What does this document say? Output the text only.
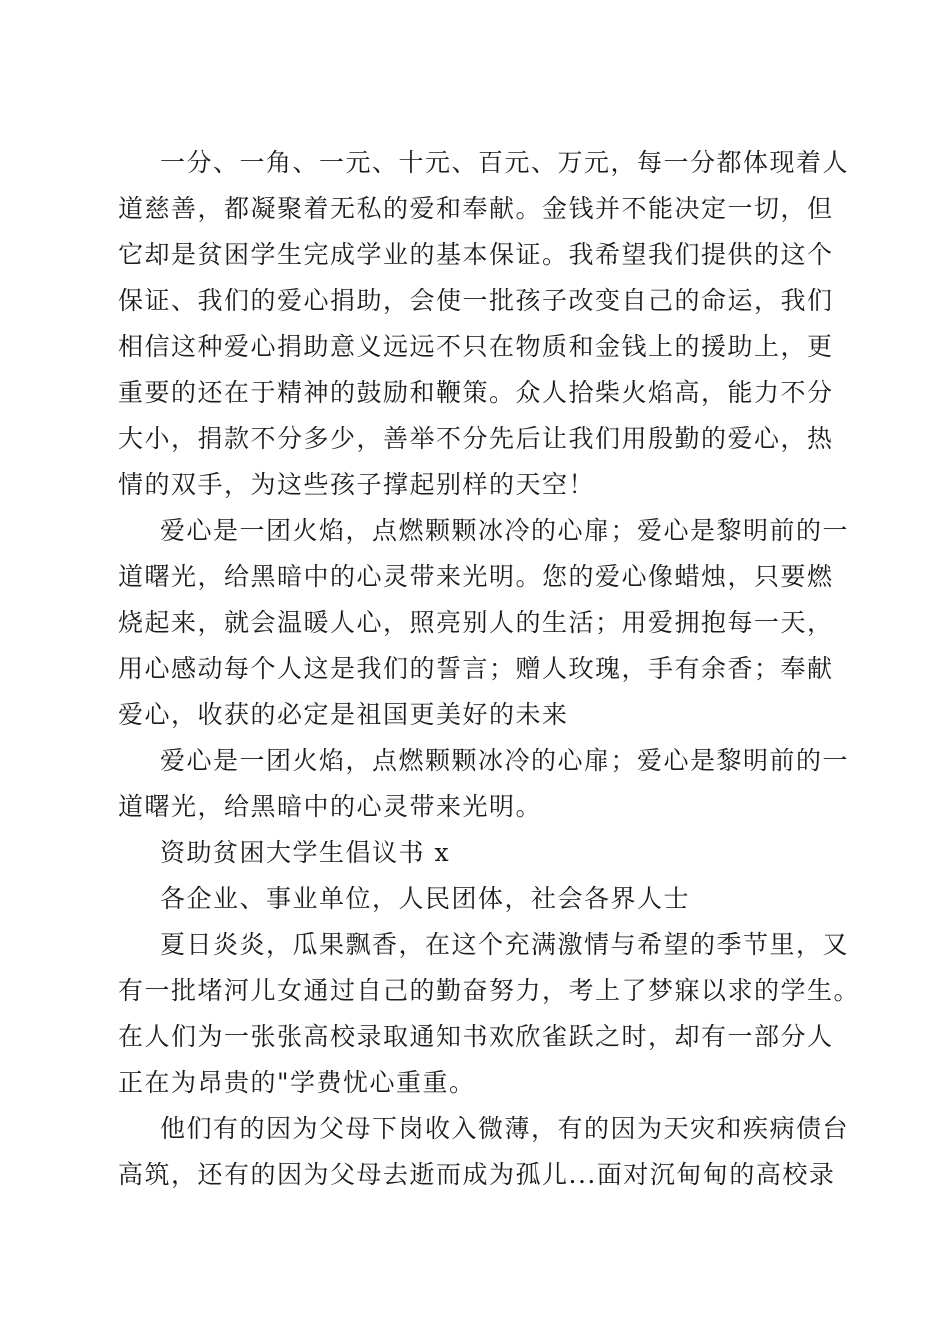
一分、一角、一元、十元、百元、万元，每一分都体现着人
道慈善，都凝聚着无私的爱和奉献。金钱并不能决定一切，但
它却是贫困学生完成学业的基本保证。我希望我们提供的这个
保证、我们的爱心捐助，会使一批孩子改变自己的命运，我们
相信这种爱心捐助意义远远不只在物质和金钱上的援助上，更
重要的还在于精神的鼓励和鞭策。众人拾柴火焰高，能力不分
大小，捐款不分多少，善举不分先后让我们用殷勤的爱心，热
情的双手，为这些孩子撑起别样的天空！
爱心是一团火焰，点燃颗颗冰冷的心扉；爱心是黎明前的一
道曙光，给黑暗中的心灵带来光明。您的爱心像蜡烛，只要燃
烧起来，就会温暖人心，照亮别人的生活；用爱拥抱每一天，
用心感动每个人这是我们的誓言；赠人玫瑰，手有余香；奉献
爱心，收获的必定是祖国更美好的未来
爱心是一团火焰，点燃颗颗冰冷的心扉；爱心是黎明前的一
道曙光，给黑暗中的心灵带来光明。
资助贫困大学生倡议书 x
各企业、事业单位，人民团体，社会各界人士
夏日炎炎，瓜果飘香，在这个充满激情与希望的季节里，又
有一批堵河儿女通过自己的勤奋努力，考上了梦寐以求的学生。
在人们为一张张高校录取通知书欢欣雀跃之时，却有一部分人
正在为昂贵的"学费忧心重重。
他们有的因为父母下岗收入微薄，有的因为天灾和疾病债台
高筑，还有的因为父母去逝而成为孤儿...面对沉甸甸的高校录
